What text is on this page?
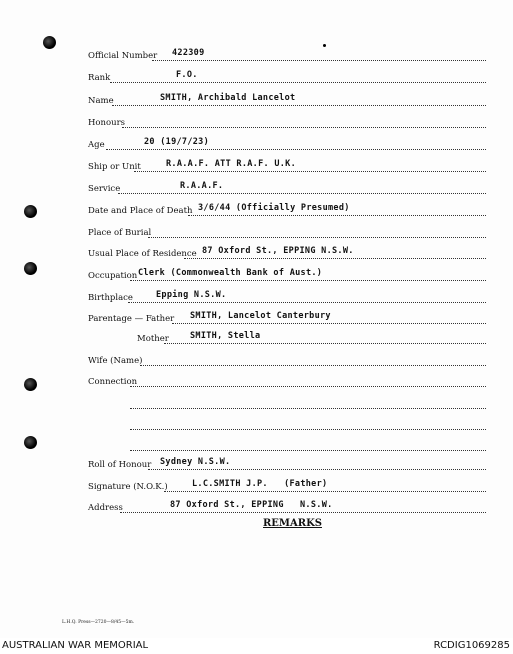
Official Number 422309
Rank	F.O.
Name	SMITH, Archibald Lancelot
Honours
Age	20 (19/7/23)
Ship or Unit	R.A.A.F. ATT R.A.F. U.K.
Service	R.A.A.F.
Date and Place of Death 3/6/44 (Officially Presumed)
Place of Burial
Usual Place of Residence 87 Oxford St., EPPING N.S.W.
Occupation Clerk (Commonwealth Bank of Aust.)
Birthplace	Epping N.S.W.
Parentage — Father SMITH, Lancelot Canterbury
Mother SMITH, Stella
Wife (Name)
Connection
Roll of Honour Sydney N.S.W.
Signature (N.O.K.)	L.C.SMITH J.P.   (Father)
Address	87 Oxford St., EPPING   N.S.W.
REMARKS
L.H.Q. Press—2720—8/45—5m.
AUSTRALIAN WAR MEMORIAL	RCDIG1069285
